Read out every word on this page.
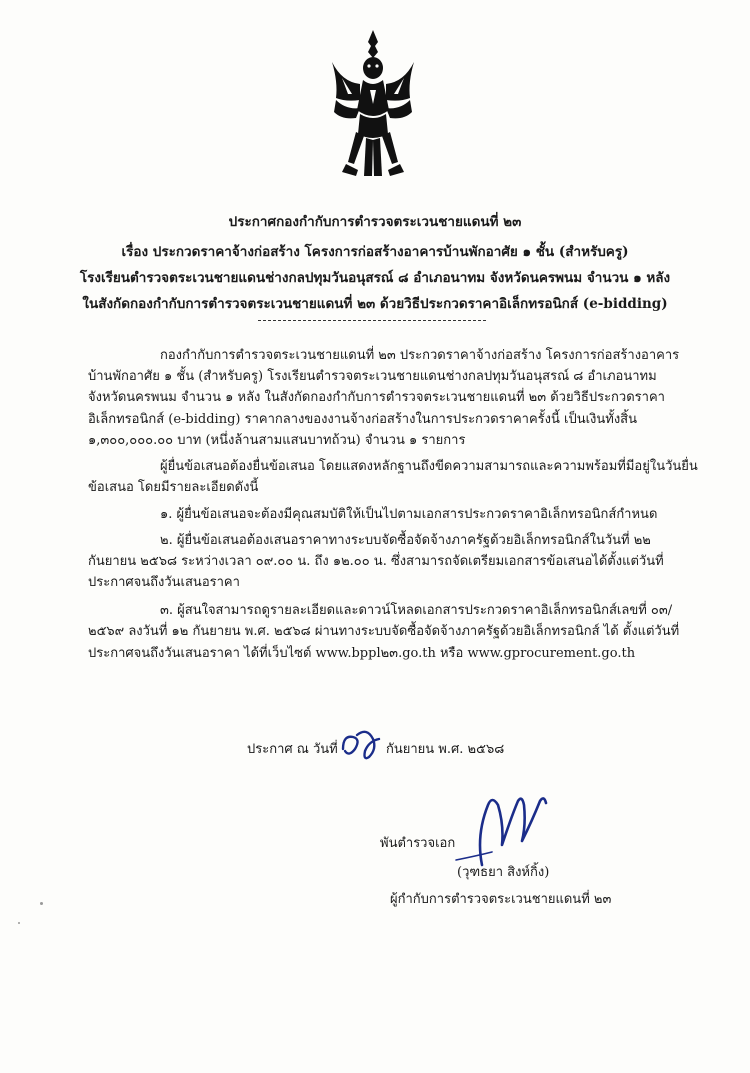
ประกาศกองกำกับการตำรวจตระเวนชายแดนที่ ๒๓
เรื่อง ประกวดราคาจ้างก่อสร้าง โครงการก่อสร้างอาคารบ้านพักอาศัย ๑ ชั้น (สำหรับครู)
โรงเรียนตำรวจตระเวนชายแดนช่างกลปทุมวันอนุสรณ์ ๘ อำเภอนาทม จังหวัดนครพนม จำนวน ๑ หลัง
ในสังกัดกองกำกับการตำรวจตระเวนชายแดนที่ ๒๓ ด้วยวิธีประกวดราคาอิเล็กทรอนิกส์ (e-bidding)
กองกำกับการตำรวจตระเวนชายแดนที่ ๒๓ ประกวดราคาจ้างก่อสร้าง โครงการก่อสร้างอาคาร
บ้านพักอาศัย ๑ ชั้น (สำหรับครู) โรงเรียนตำรวจตระเวนชายแดนช่างกลปทุมวันอนุสรณ์ ๘ อำเภอนาทม
จังหวัดนครพนม จำนวน ๑ หลัง ในสังกัดกองกำกับการตำรวจตระเวนชายแดนที่ ๒๓ ด้วยวิธีประกวดราคา
อิเล็กทรอนิกส์ (e-bidding) ราคากลางของงานจ้างก่อสร้างในการประกวดราคาครั้งนี้ เป็นเงินทั้งสิ้น
๑,๓๐๐,๐๐๐.๐๐ บาท (หนึ่งล้านสามแสนบาทถ้วน) จำนวน ๑ รายการ
ผู้ยื่นข้อเสนอต้องยื่นข้อเสนอ โดยแสดงหลักฐานถึงขีดความสามารถและความพร้อมที่มีอยู่ในวันยื่น
ข้อเสนอ โดยมีรายละเอียดดังนี้
๑. ผู้ยื่นข้อเสนอจะต้องมีคุณสมบัติให้เป็นไปตามเอกสารประกวดราคาอิเล็กทรอนิกส์กำหนด
๒. ผู้ยื่นข้อเสนอต้องเสนอราคาทางระบบจัดซื้อจัดจ้างภาครัฐด้วยอิเล็กทรอนิกส์ในวันที่ ๒๒
กันยายน ๒๕๖๘ ระหว่างเวลา ๐๙.๐๐ น. ถึง ๑๒.๐๐ น. ซึ่งสามารถจัดเตรียมเอกสารข้อเสนอได้ตั้งแต่วันที่
ประกาศจนถึงวันเสนอราคา
๓. ผู้สนใจสามารถดูรายละเอียดและดาวน์โหลดเอกสารประกวดราคาอิเล็กทรอนิกส์เลขที่ ๐๓/
๒๕๖๙ ลงวันที่ ๑๒ กันยายน พ.ศ. ๒๕๖๘ ผ่านทางระบบจัดซื้อจัดจ้างภาครัฐด้วยอิเล็กทรอนิกส์ ได้ ตั้งแต่วันที่
ประกาศจนถึงวันเสนอราคา ได้ที่เว็บไซต์ www.bppl๒๓.go.th หรือ www.gprocurement.go.th
ประกาศ ณ วันที่	กันยายน พ.ศ. ๒๕๖๘
พันตำรวจเอก
(วุฑธยา สิงห์กิ้ง)
ผู้กำกับการตำรวจตระเวนชายแดนที่ ๒๓
